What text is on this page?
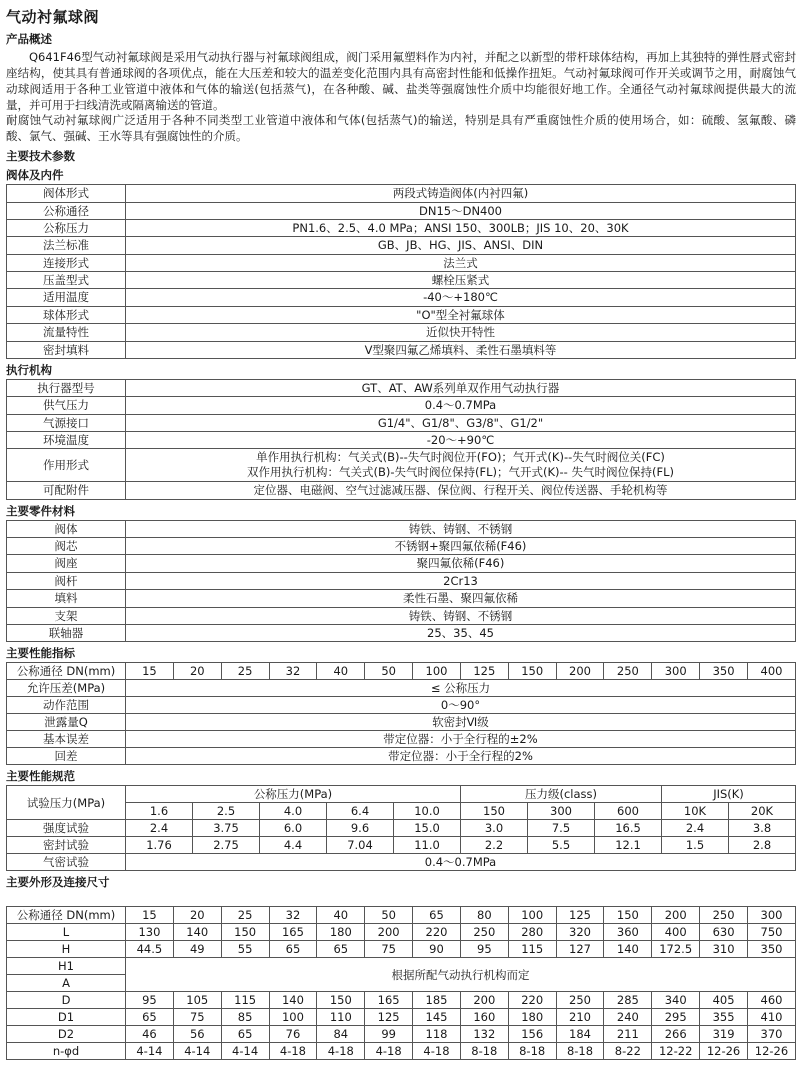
气动衬氟球阀
产品概述

Q641F46型气动衬氟球阀是采用气动执行器与衬氟球阀组成，阀门采用氟塑料作为内衬，并配之以新型的带杆球体结构，再加上其独特的弹性唇式密封座结构，使其具有普通球阀的各项优点，能在大压差和较大的温差变化范围内具有高密封性能和低操作扭矩。气动衬氟球阀可作开关或调节之用，耐腐蚀气动球阀适用于各种工业管道中液体和气体的输送(包括蒸气)，在各种酸、碱、盐类等强腐蚀性介质中均能很好地工作。全通径气动衬氟球阀提供最大的流量，并可用于扫线清洗或隔离输送的管道。

耐腐蚀气动衬氟球阀广泛适用于各种不同类型工业管道中液体和气体(包括蒸气)的输送，特别是具有严重腐蚀性介质的使用场合，如：硫酸、氢氟酸、磷酸、氯气、强碱、王水等具有强腐蚀性的介质。

主要技术参数
阀体及内件
阀体形式	两段式铸造阀体(内衬四氟)
公称通径	DN15～DN400
公称压力	PN1.6、2.5、4.0 MPa；ANSI 150、300LB；JIS 10、20、30K
法兰标准	GB、JB、HG、JIS、ANSI、DIN
连接形式	法兰式
压盖型式	螺栓压紧式
适用温度	-40～+180℃
球体形式	"O"型全衬氟球体
流量特性	近似快开特性
密封填料	V型聚四氟乙烯填料、柔性石墨填料等
执行机构
执行器型号	GT、AT、AW系列单双作用气动执行器
供气压力	0.4～0.7MPa
气源接口	G1/4"、G1/8"、G3/8"、G1/2"
环境温度	-20～+90℃
作用形式	单作用执行机构：气关式(B)--失气时阀位开(FO)；气开式(K)--失气时阀位关(FC)
双作用执行机构：气关式(B)-失气时阀位保持(FL)；气开式(K)-- 失气时阀位保持(FL)

可配附件	定位器、电磁阀、空气过滤减压器、保位阀、行程开关、阀位传送器、手轮机构等
主要零件材料
阀体	铸铁、铸钢、不锈钢
阀芯	不锈钢+聚四氟依稀(F46)
阀座	聚四氟依稀(F46)
阀杆	2Cr13
填料	柔性石墨、聚四氟依稀
支架	铸铁、铸钢、不锈钢
联轴器	25、35、45
主要性能指标
公称通径 DN(mm)	15	20	25	32	40	50	100	125	150	200	250	300	350	400
允许压差(MPa)	≤ 公称压力													
动作范围	0～90°													
泄露量Q	软密封Ⅵ级													
基本误差	带定位器：小于全行程的±2%													
回差	带定位器：小于全行程的2%													
主要性能规范
试验压力(MPa)	公称压力(MPa)					压力级(class)			JIS(K)	
	1.6	2.5	4.0	6.4	10.0	150	300	600	10K	20K
强度试验	2.4	3.75	6.0	9.6	15.0	3.0	7.5	16.5	2.4	3.8
密封试验	1.76	2.75	4.4	7.04	11.0	2.2	5.5	12.1	1.5	2.8
气密试验	0.4～0.7MPa									
主要外形及连接尺寸
公称通径 DN(mm)	15	20	25	32	40	50	65	80	100	125	150	200	250	300
L	130	140	150	165	180	200	220	250	280	320	360	400	630	750
H	44.5	49	55	65	65	75	90	95	115	127	140	172.5	310	350
H1	根据所配气动执行机构而定													
A														
D	95	105	115	140	150	165	185	200	220	250	285	340	405	460
D1	65	75	85	100	110	125	145	160	180	210	240	295	355	410
D2	46	56	65	76	84	99	118	132	156	184	211	266	319	370
n-φd	4-14	4-14	4-14	4-18	4-18	4-18	4-18	8-18	8-18	8-18	8-22	12-22	12-26	12-26
